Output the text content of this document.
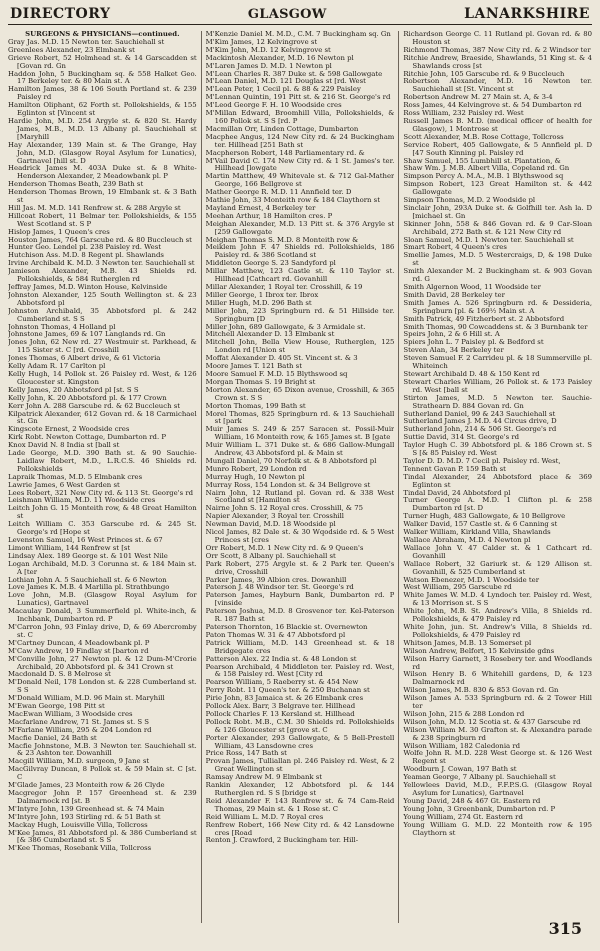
DIRECTORY	GLASGOW	LANARKSHIRE

SURGEONS & PHYSICIANS—continued.

Gray Jas. M.D. 15 Newton ter. Sauchiehall st

Greenlees Alexander, 23 Elmbank st

Grieve Robert, 52 Holmhead st. & 14 Garscadden st [Govan rd. Gn

Haddon John, 5 Buckingham sq. & 558 Halket Geo. 17 Berkeley ter. & 80 Main st. A

Hamilton James, 38 & 106 South Portland st. & 239 Paisley rd

Hamilton Oliphant, 62 Forth st. Pollokshields, & 155 Eglinton st [Vincent st

Hardie John, M.D. 254 Argyle st. & 820 St. Hardy James, M.B., M.D. 13 Albany pl. Sauchiehall st [Maryhill

Hay Alexander, 139 Main st. & The Grange, Hay John, M.D. (Glasgow Royal Asylum for Lunatics), Gartnavel [hill st. D

Headrick James M. 403A Duke st. & 8 White-Henderson Alexander, 2 Meadowbank pl. P

Henderson Thomas Beath, 239 Bath st

Henderson Thomas Brown, 19 Elmbank st. & 3 Bath st

Hill Jas. M. M.D. 141 Renfrew st. & 288 Argyle st

Hillcoat Robert, 11 Belmar ter. Pollokshields, & 155 West Scotland st. S P

Hislop James, 1 Queen's cres

Houston James, 764 Garscube rd. & 80 Buccleuch st

Hunter Geo. Lendel pl. 238 Paisley rd. West

Hutchison Ass. M.D. 8 Regent pl. Shawlands

Irvine Archibald K. M.D. 3 Newton ter. Sauchiehall st

Jamieson Alexander, M.B. 43 Shields rd. Pollokshields, & 584 Rutherglen rd

Jeffray James, M.D. Winton House, Kelvinside

Johnston Alexander, 125 South Wellington st. & 23 Abbotsford pl

Johnston Archibald, 35 Abbotsford pl. & 242 Cumberland st. S S

Johnston Thomas, 4 Holland pl

Johnstone James, 69 & 107 Langlands rd. Gn

Jones John, 62 New rd. 27 Westmuir st. Parkhead, & 115 Sister st. C [rd. Crosshill

Jones Thomas, 6 Albert drive, & 61 Victoria

Kelly Adam R. 17 Carlton pl

Kelly Hugh, 14 Pollok st. 26 Paisley rd. West, & 126 Gloucester st. Kingston

Kelly James, 20 Abbotsford pl [st. S S

Kelly John, K. 20 Abbotsford pl. & 177 Crown

Kerr John A. 288 Garscube rd. & 62 Buccleuch st

Kilpatrick Alexander, 612 Govan rd. & 18 Carmichael st. Gn

Kingscote Ernest, 2 Woodside cres

Kirk Robt. Newton Cottage, Dumbarton rd. P

Knox David N. 8 India st [ball st

Lade George, M.D. 390 Bath st. & 90 Sauchie-Laidlaw Robert, M.D., L.R.C.S. 46 Shields rd. Pollokshields

Lapraik Thomas, M.D. 5 Elmbank cres

Lawrie James, 6 West Garden st

Lees Robert, 321 New City rd. & 113 St. George's rd

Leishman William, M.D. 11 Woodside cres

Leitch John G. 15 Monteith row, & 48 Great Hamilton st

Leitch William C. 353 Garscube rd. & 245 St. George's rd [Hope st

Levenston Samuel, 16 West Princes st. & 67

Limont William, 144 Renfrew st [st

Lindsay Alex. 189 George st. & 101 West Nile

Logan Archibald, M.D. 3 Corunna st. & 184 Main st. A [ter

Lothian John A. 5 Sauchiehall st. & 6 Newton

Love James K. M.B. 4 Marlilla pl. Strathbungo

Love John, M.B. (Glasgow Royal Asylum for Lunatics), Gartnavel

Macaulay Donald, 3 Summerfield pl. White-inch, & Inchbank, Dumbarton rd. P

M'Carron John, 93 Finlay drive, D, & 69 Abercromby st. C

M'Cartney Duncan, 4 Meadowbank pl. P

M'Caw Andrew, 19 Findlay st [barton rd

M'Conville John, 27 Newton pl. & 12 Dum-M'Crorie Archibald, 20 Abbotsford pl. & 341 Crown st

Macdonald D. S. 8 Melrose st

M'Donald Neil, 178 London st. & 228 Cumberland st. S S

M'Donald William, M.D. 96 Main st. Maryhill

M'Ewan George, 198 Pitt st

MacEwan William, 3 Woodside cres

Macfarlane Andrew, 71 St. James st. S S

M'Farlane William, 295 & 204 London rd

Macfie Daniel, 24 Bath st

Macfie Johnstone, M.B. 3 Newton ter. Sauchiehall st. & 23 Ashton ter. Dowanhill

Macgill William, M.D. surgeon, 9 Jane st

MacGilvray Duncan, 8 Pollok st. & 59 Main st. C [st. C

M'Glade James, 23 Monteith row & 26 Clyde

Macgregor John P. 157 Greenhead st. & 239 Dalmarnock rd [st. B

M'Intyre John, 139 Greenhead st. & 74 Main

M'Intyre John, 193 Stirling rd. & 51 Bath st

Mackay Hugh, Louisville Villa, Tollcross

M'Kee James, 81 Abbotsford pl. & 386 Cumberland st [& 386 Cumberland st. S S

M'Kee Thomas, Rosebank Villa, Tollcross

M'Kenzie Daniel M. M.D., C.M. 7 Buckingham sq. Gn

M'Kim James, 12 Kelvingrove st

M'Kim John, M.D. 12 Kelvingrove st

Mackintosh Alexander, M.D. 16 Newton pl

M'Laren James D. M.D. 1 Newton pl

M'Lean Charles R. 387 Duke st. & 598 Gallowgate

M'Lean Daniel, M.D. 121 Douglas st [rd. West

M'Lean Peter, 1 Cecil pl. & 88 & 229 Paisley

M'Lennan Quintin, 191 Pitt st. & 216 St. George's rd

M'Leod George F. H. 10 Woodside cres

M'Millan Edward, Broomhill Villa, Pollokshields, & 160 Pollok st. S S [rd. P

Macmillan Orr, Linden Cottage, Dumbarton

Macphee Angus, 124 New City rd. & 24 Buckingham ter. Hillhead [251 Bath st

Macpherson Robert, 148 Parliamentary rd. &

M'Vail David C. 174 New City rd. & 1 St. James's ter. Hillhead [lowgate

Martin Matthew, 49 Whitevale st. & 712 Gal-Mather George, 166 Bellgrove st

Mather George R. M.D. 11 Annfield ter. D

Mathie John, 33 Monteith row & 184 Claythorn st

Mayland Ernest, 4 Berkeley ter

Meehan Arthur, 18 Hamilton cres. P

Meighan Alexander, M.D. 13 Pitt st. & 376 Argyle st [259 Gallowgate

Meighan Thomas S. M.D. 8 Monteith row &

Meiklem John F. 47 Shields rd. Pollokshields, 186 Paisley rd. & 386 Scotland st

Middleton George S. 23 Sandyford pl

Millar Matthew, 123 Castle st. & 110 Taylor st. Hillhead [Cathcart rd. Govanhill

Millar Alexander, 1 Royal ter. Crosshill, & 19

Miller George, 1 Ibrox ter. Ibrox

Miller Hugh, M.D. 296 Bath st

Miller John, 223 Springburn rd. & 51 Hillside ter. Springburn [D

Miller John, 689 Gallowgate, & 3 Armidale st.

Mitchell Alexander D. 13 Elmbank st

Mitchell John, Bella View House, Rutherglen, 125 London rd [Union st

Moffat Alexander D. 405 St. Vincent st. & 3

Moore James T. 121 Bath st

Moore Samuel F. M.D. 15 Blythswood sq

Morgan Thomas S. 19 Bright st

Morton Alexander, 65 Dixon avenue, Crosshill, & 365 Crown st. S S

Morton Thomas, 199 Bath st

Morel Thomas, 825 Springburn rd. & 13 Sauchiehall st [park

Muir James S. 249 & 257 Saracen st. Possil-Muir William, 16 Monteith row, & 165 James st. B [gate

Muir William L. 371 Duke st. & 686 Gallow-Mungall Andrew, 43 Abbotsford pl. & Main st

Mungall Daniel, 70 Norfolk st. & 8 Abbotsford pl

Munro Robert, 29 London rd

Murray Hugh, 10 Newton pl

Murray Ross, 154 London st. & 34 Bellgrove st

Nairn John, 12 Rutland pl. Govan rd. & 338 West Scotland st [Hamilton st

Nairne John S. 12 Royal cres. Crosshill, & 75

Napier Alexander, 3 Royal ter. Crosshill

Newman David, M.D. 18 Woodside pl

Nicol James, 82 Dale st. & 30 Wqodside rd. & 5 West Princes st [cres

Orr Robert, M.D. 1 New City rd. & 9 Queen's

Orr Scott, 8 Albany pl. Sauchiehall st

Park Robert, 275 Argyle st. & 2 Park ter. Queen's drive, Crosshill

Parker James, 39 Albion cres. Dowanhill

Paterson J. 48 Windsor ter. St. George's rd

Paterson James, Hayburn Bank, Dumbarton rd. P [vinside

Paterson Joshua, M.D. 8 Grosvenor ter. Kel-Paterson R. 187 Bath st

Paterson Thornton, 16 Blackie st. Overnewton

Paton Thomas W. 31 & 47 Abbotsford pl

Patrick William, M.D. 143 Greenhead st. & 18 Bridgegate cres

Patterson Alex. 22 India st. & 48 London st

Pearson Archibald, 4 Middleton ter. Paisley rd. West, & 158 Paisley rd. West [City rd

Pearson William, 5 Raeberry st. & 454 New

Perry Robt. 11 Queen's ter. & 250 Buchanan st

Pirie John, 83 Jamaica st. & 26 Elmbank cres

Pollock Alex. Barr, 3 Belgrave ter. Hillhead

Pollock Charles F. 13 Kersland st. Hillhead

Pollock Robt. M.B., C.M. 30 Shields rd. Pollokshields & 126 Gloucester st [grove st. C

Porter Alexander, 293 Gallowgate, & 5 Bell-Prestell William, 43 Lansdowne cres

Price Ross, 147 Bath st

Provan James, Tulliallan pl. 246 Paisley rd. West, & 2 Great Wellington st

Ramsay Andrew M. 9 Elmbank st

Rankin Alexander, 12 Abbotsford pl. & 144 Rutherglen rd. S S [bridge st

Reid Alexander F. 143 Renfrew st. & 74 Cam-Reid Thomas, 29 Main st. & 1 Rose st. C

Reid William L. M.D. 7 Royal cres

Renfrew Robert, 166 New City rd. & 42 Lansdowne cres [Road

Renton J. Crawford, 2 Buckingham ter. Hill-

Richardson George C. 11 Rutland pl. Govan rd. & 80 Houston st

Richmond Thomas, 387 New City rd. & 2 Windsor ter

Ritchie Andrew, Braeside, Shawlands, 51 King st. & 4 Shawlands cross [st

Ritchie John, 105 Garscube rd. & 9 Buccleuch

Robertson Alexander, M.D. 16 Newton ter. Sauchiehall st [St. Vincent st

Robertson Andrew M. 27 Main st. A, & 3-4

Ross James, 44 Kelvingrove st. & 54 Dumbarton rd

Ross William, 232 Paisley rd. West

Russell James B. M.D. (medical officer of health for Glasgow), 1 Montrose st

Scott Alexander, M.B. Rose Cottage, Tollcross

Service Robert, 405 Gallowgate, & 5 Annfield pl. D [47 South Kinning pl. Paisley rd

Shaw Samuel, 155 Lumbhill st. Plantation, &

Shaw Wm. J. M.B. Albert Villa, Copeland rd. Gn

Simpson Percy A. M.A., M.B. 1 Blythswood sq

Simpson Robert, 123 Great Hamilton st. & 442 Gallowgate

Simpson Thomas, M.D. 2 Woodside pl

Sinclair John, 293A Duke st. & Golfhill ter. Ash la. D [michael st. Gn

Skinner John, 558 & 846 Govan rd. & 9 Car-Sloan Archibald, 272 Bath st. & 121 New City rd

Sloan Samuel, M.D. 1 Newton ter. Sauchiehall st

Smart Robert, 4 Queen's cres

Smellie James, M.D. 5 Westercraigs, D, & 198 Duke st

Smith Alexander M. 2 Buckingham st. & 903 Govan rd. G

Smith Algernon Wood, 11 Woodside ter

Smith David, 28 Berkeley ter

Smith James A. 526 Springburn rd. & Dessideria, Springburn [pl. & 169½ Main st. A

Smith Patrick, 49 Fitzherbert st. 2 Abbotsford

Smith Thomas, 90 Cowcaddens st. & 3 Burnbank ter

Speirs John, 2 & 6 Hill st. A

Spiers John L. 7 Paisley pl. & Bedford st

Steven Alan, 34 Berkeley ter

Steven Samuel F. 2 Carrideu pl. & 18 Summerville pl. Whiteinch

Stewart Archibald D. 48 & 150 Kent rd

Stewart Charles William, 26 Pollok st. & 173 Paisley rd. West [ball st

Stirton James, M.D. 5 Newton ter. Sauchie-Strathearn D. 884 Govan rd. Gn

Sutherland Daniel, 99 & 243 Sauchiehall st

Sutherland James J. M.D. 44 Circus drive, D

Sutherland John, 214 & 506 St. George's rd

Suttie David, 314 St. George's rd

Taylor Hugh C. 39 Abbotsford pl. & 186 Crown st. S S [& 85 Paisley rd. West

Taylor D. D. M.D. 7 Cecil pl. Paisley rd. West,

Tennent Gavan P. 159 Bath st

Tindal Alexander, 24 Abbotsford place & 369 Eglinton st

Tindal David, 24 Abbotsford pl

Turner George A. M.D. 1 Clifton pl. & 258 Dumbarton rd [st. D

Turner Hugh, 483 Gallowgate, & 10 Bellgrove

Walker David, 157 Castle st. & 6 Canning st

Walker William, Kirkland Villa, Shawlands

Wallace Abraham, M.D. 4 Newton pl

Wallace John V. 47 Calder st. & 1 Cathcart rd. Govanhill

Wallace Robert, 32 Gariurk st. & 129 Allison st. Govanhill, & 525 Cumberland st

Watson Ebenezer, M.D. 1 Woodside ter

West William, 295 Garscube rd

White James W. M.D. 4 Lyndoch ter. Paisley rd. West, & 13 Morrison st. S S

White John, M.B. St. Andrew's Villa, 8 Shields rd. Pollokshields, & 479 Paisley rd

White John, jun. St. Andrew's Villa, 8 Shields rd. Pollokshields, & 479 Paisley rd

Whitson James, M.B. 13 Somerset pl

Wilson Andrew, Belfort, 15 Kelvinside gdns

Wilson Harry Garnett, 3 Rosebery ter. and Woodlands rd

Wilson Henry B. 6 Whitehill gardens, D, & 123 Dalmarnock rd

Wilson James, M.B. 830 & 853 Govan rd. Gn

Wilson James A. 533 Springburn rd. & 2 Tower Hill ter

Wilson John, 215 & 288 London rd

Wilson John, M.D. 12 Scotia st. & 437 Garscube rd

Wilson William M. 30 Grafton st. & Alexandra parade & 238 Springburn rd

Wilson William, 182 Caledonia rd

Wolfe John R. M.D. 228 West George st. & 126 West Regent st

Woodburn J. Cowan, 197 Bath st

Yeaman George, 7 Albany pl. Sauchiehall st

Yellowlees David, M.D., F.F.P.S.G. (Glasgow Royal Asylum for Lunatics), Gartnavel

Young David, 248 & 467 Gt. Eastern rd

Young John, 3 Greenbank, Dumbarton rd. P

Young William, 274 Gt. Eastern rd

Young William G. M.D. 22 Monteith row & 195 Claythorn st

315
